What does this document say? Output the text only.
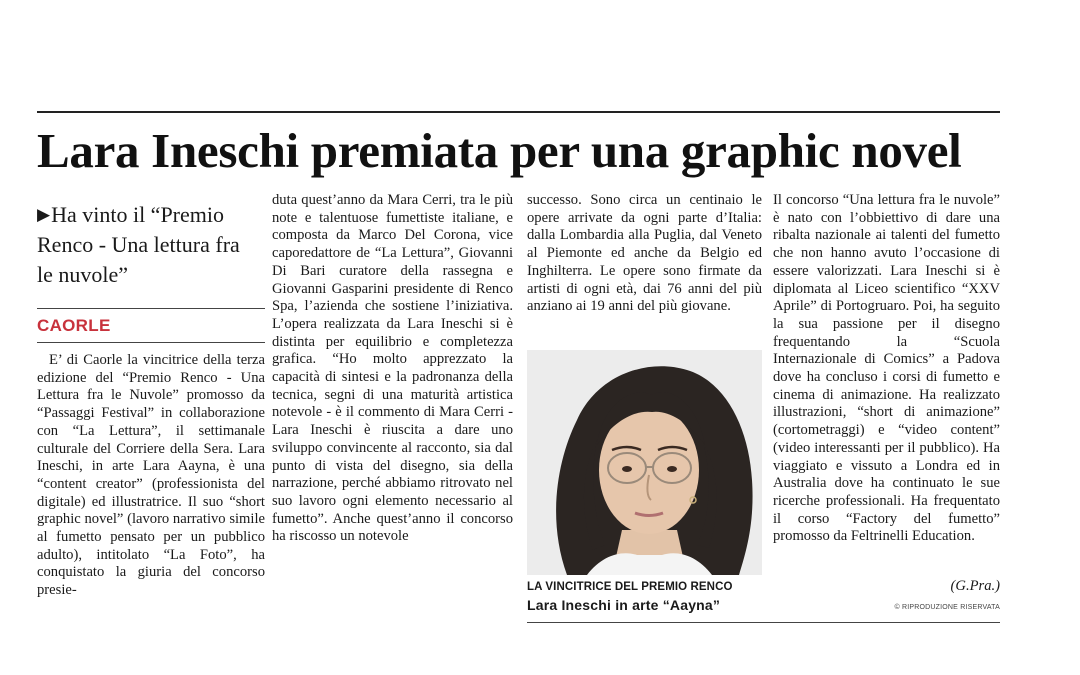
Lara Ineschi premiata per una graphic novel
▶Ha vinto il “Premio Renco - Una lettura fra le nuvole”
CAORLE
E’ di Caorle la vincitrice della terza edizione del “Premio Renco - Una Lettura fra le Nuvole” promosso da “Passaggi Festival” in collaborazione con “La Lettura”, il settimanale culturale del Corriere della Sera. Lara Ineschi, in arte Lara Aayna, è una “content creator” (professionista del digitale) ed illustratrice. Il suo “short graphic novel” (lavoro narrativo simile al fumetto pensato per un pubblico adulto), intitolato “La Foto”, ha conquistato la giuria del concorso presie-
duta quest’anno da Mara Cerri, tra le più note e talentuose fumettiste italiane, e composta da Marco Del Corona, vice caporedattore de “La Lettura”, Giovanni Di Bari curatore della rassegna e Giovanni Gasparini presidente di Renco Spa, l’azienda che sostiene l’iniziativa. L’opera realizzata da Lara Ineschi si è distinta per equilibrio e completezza grafica. “Ho molto apprezzato la capacità di sintesi e la padronanza della tecnica, segni di una maturità artistica notevole - è il commento di Mara Cerri - Lara Ineschi è riuscita a dare uno sviluppo convincente al racconto, sia dal punto di vista del disegno, sia della narrazione, perché abbiamo ritrovato nel suo lavoro ogni elemento necessario al fumetto”. Anche quest’anno il concorso ha riscosso un notevole
successo. Sono circa un centinaio le opere arrivate da ogni parte d’Italia: dalla Lombardia alla Puglia, dal Veneto al Piemonte ed anche da Belgio ed Inghilterra. Le opere sono firmate da artisti di ogni età, dai 76 anni del più anziano ai 19 anni del più giovane.
Il concorso “Una lettura fra le nuvole” è nato con l’obbiettivo di dare una ribalta nazionale ai talenti del fumetto che non hanno avuto l’occasione di essere valorizzati. Lara Ineschi si è diplomata al Liceo scientifico “XXV Aprile” di Portogruaro. Poi, ha seguito la sua passione per il disegno frequentando la “Scuola Internazionale di Comics” a Padova dove ha concluso i corsi di fumetto e cinema di animazione. Ha realizzato illustrazioni, “short di animazione” (cortometraggi) e “video content” (video interessanti per il pubblico). Ha viaggiato e vissuto a Londra ed in Australia dove ha continuato le sue ricerche professionali. Ha frequentato il corso “Factory del fumetto” promosso da Feltrinelli Education.
(G.Pra.)
© RIPRODUZIONE RISERVATA
LA VINCITRICE DEL PREMIO RENCO
Lara Ineschi in arte “Aayna”
